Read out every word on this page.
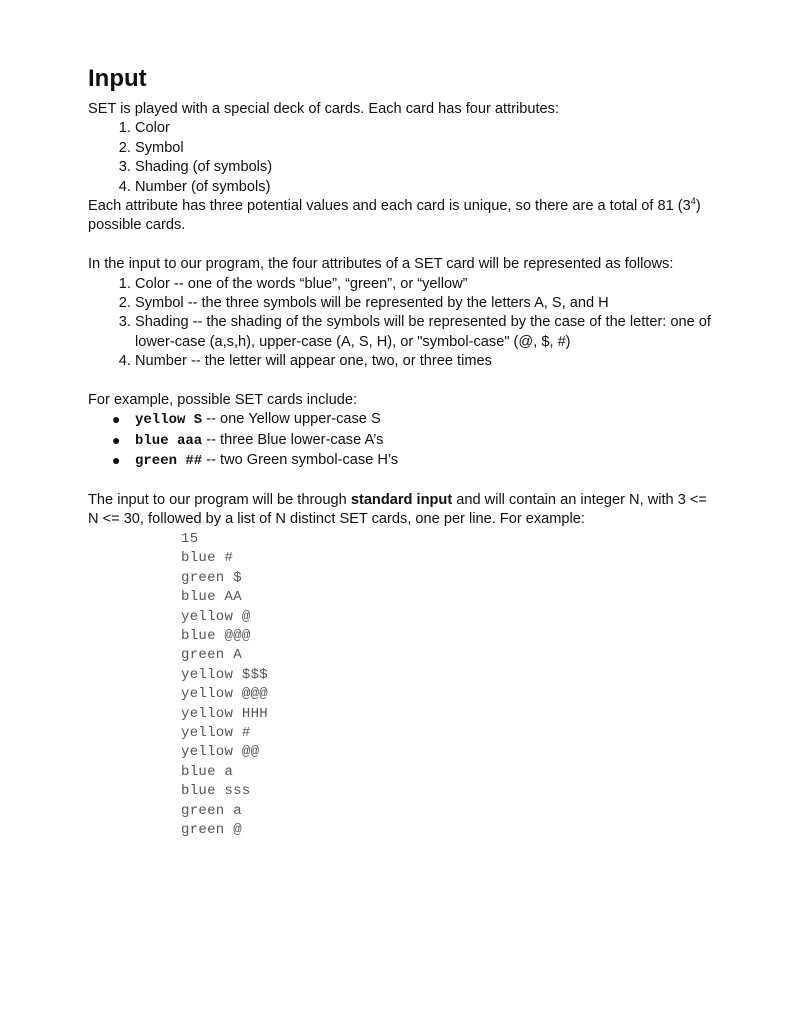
Input

SET is played with a special deck of cards. Each card has four attributes:

1. Color
2. Symbol
3. Shading (of symbols)
4. Number (of symbols)

Each attribute has three potential values and each card is unique, so there are a total of 81 $(3^4)$ possible cards.

In the input to our program, the four attributes of a SET card will be represented as follows:

1. Color -- one of the words “blue”, “green”, or “yellow”
2. Symbol -- the three symbols will be represented by the letters A, S, and H
3. Shading -- the shading of the symbols will be represented by the case of the letter: one of lower-case (a,s,h), upper-case (A, S, H), or "symbol-case" (@, $, #)
4. Number -- the letter will appear one, two, or three times

For example, possible SET cards include:

● yellow S -- one Yellow upper-case S
● blue aaa -- three Blue lower-case A’s
● green ## -- two Green symbol-case H’s

The input to our program will be through standard input and will contain an integer N, with 3 <= N <= 30, followed by a list of N distinct SET cards, one per line. For example:

15
blue #
green $
blue AA
yellow @
blue @@@
green A
yellow $$$
yellow @@@
yellow HHH
yellow #
yellow @@
blue a
blue sss
green a
green @
